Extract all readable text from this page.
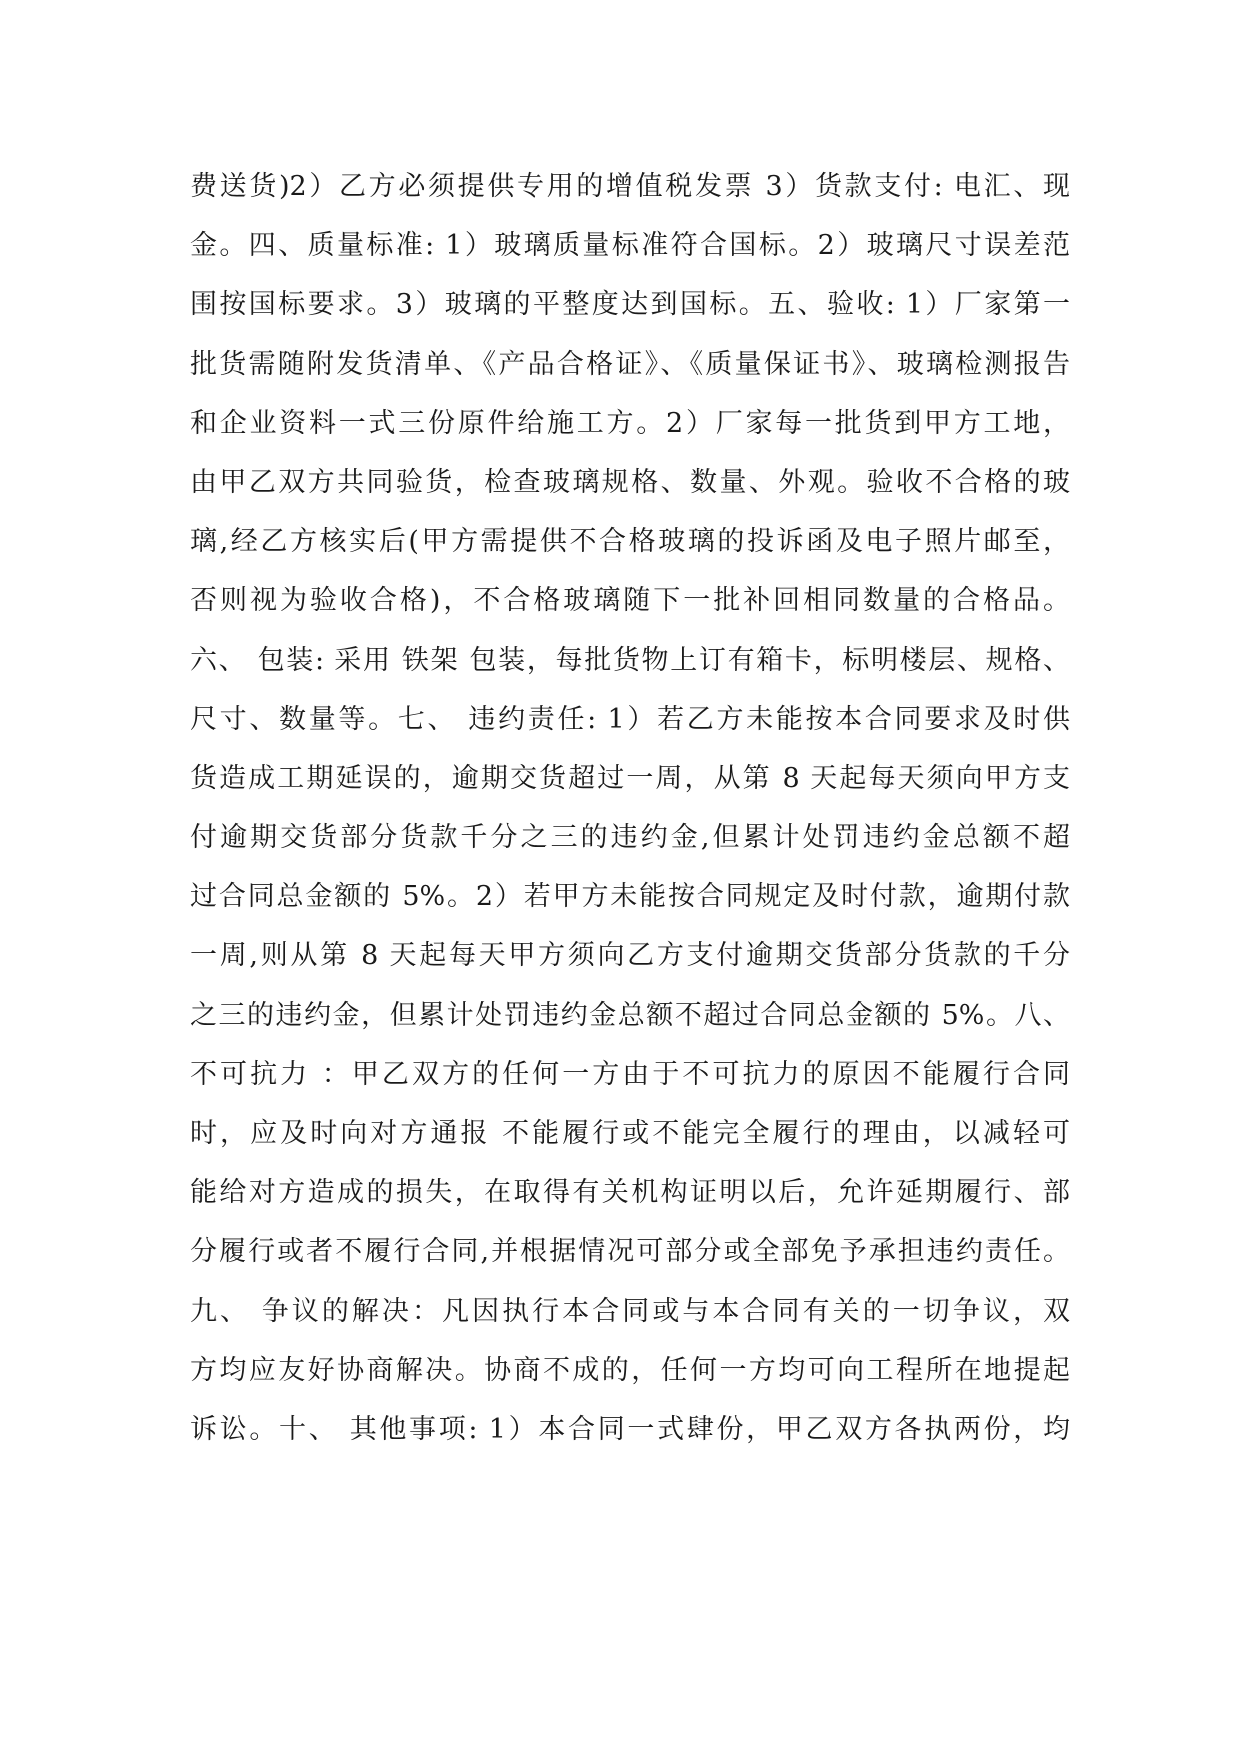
费送货)2）乙方必须提供专用的增值税发票 3）货款支付: 电汇、现
金。四、质量标准: 1）玻璃质量标准符合国标。2）玻璃尺寸误差范
围按国标要求。3）玻璃的平整度达到国标。五、验收: 1）厂家第一
批货需随附发货清单、《产品合格证》、《质量保证书》、玻璃检测报告
和企业资料一式三份原件给施工方。2）厂家每一批货到甲方工地，
由甲乙双方共同验货，检查玻璃规格、数量、外观。验收不合格的玻
璃,经乙方核实后(甲方需提供不合格玻璃的投诉函及电子照片邮至，
否则视为验收合格)，不合格玻璃随下一批补回相同数量的合格品。
六、 包装: 采用 铁架 包装，每批货物上订有箱卡，标明楼层、规格、
尺寸、数量等。七、 违约责任: 1）若乙方未能按本合同要求及时供
货造成工期延误的，逾期交货超过一周，从第 8 天起每天须向甲方支
付逾期交货部分货款千分之三的违约金,但累计处罚违约金总额不超
过合同总金额的 5%。2）若甲方未能按合同规定及时付款，逾期付款
一周,则从第 8 天起每天甲方须向乙方支付逾期交货部分货款的千分
之三的违约金，但累计处罚违约金总额不超过合同总金额的 5%。八、
不可抗力 ：甲乙双方的任何一方由于不可抗力的原因不能履行合同
时，应及时向对方通报 不能履行或不能完全履行的理由，以减轻可
能给对方造成的损失，在取得有关机构证明以后，允许延期履行、部
分履行或者不履行合同,并根据情况可部分或全部免予承担违约责任。
九、 争议的解决：凡因执行本合同或与本合同有关的一切争议，双
方均应友好协商解决。协商不成的，任何一方均可向工程所在地提起
诉讼。十、 其他事项: 1）本合同一式肆份，甲乙双方各执两份，均
